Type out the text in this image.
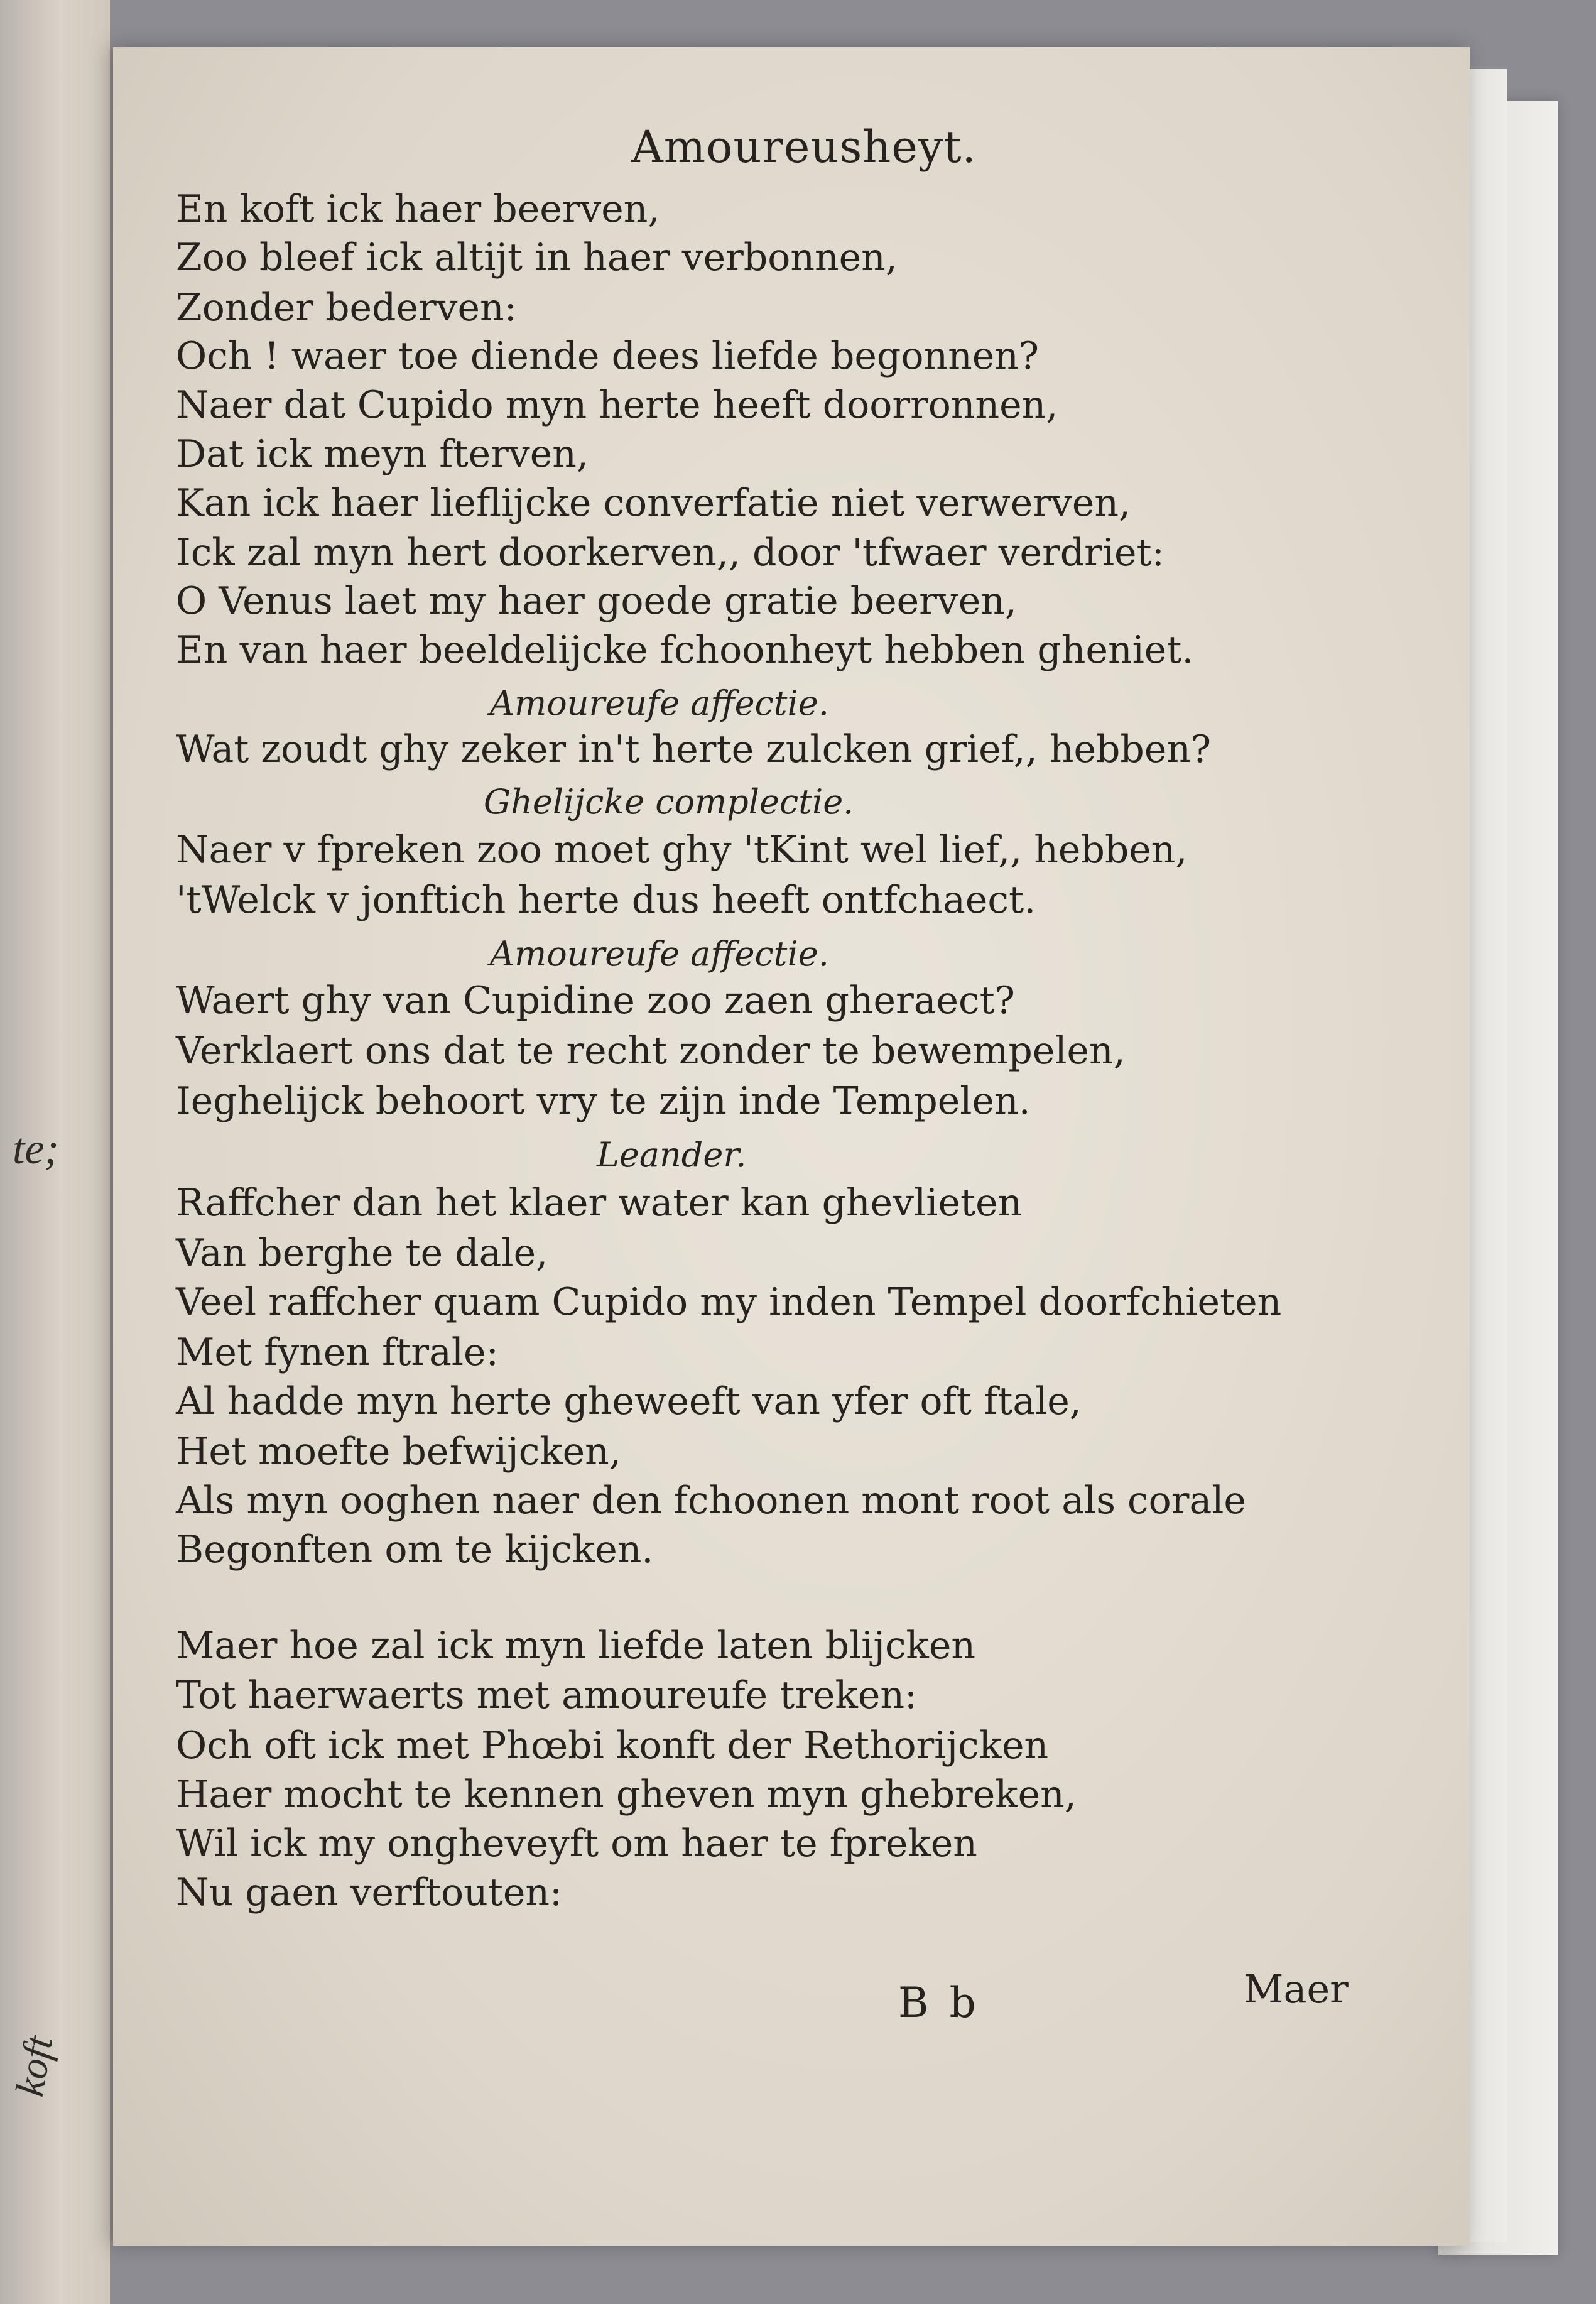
te;
koft
Amoureusheyt.
En koft ick haer beerven,
Zoo bleef ick altijt in haer verbonnen,
Zonder bederven:
Och ! waer toe diende dees liefde begonnen?
Naer dat Cupido myn herte heeft doorronnen,
Dat ick meyn fterven,
Kan ick haer lieflijcke converfatie niet verwerven,
Ick zal myn hert doorkerven,, door 'tfwaer verdriet:
O Venus laet my haer goede gratie beerven,
En van haer beeldelijcke fchoonheyt hebben gheniet.
Amoureufe affectie.
Wat zoudt ghy zeker in't herte zulcken grief,, hebben?
Ghelijcke complectie.
Naer v fpreken zoo moet ghy 'tKint wel lief,, hebben,
'tWelck v jonftich herte dus heeft ontfchaect.
Amoureufe affectie.
Waert ghy van Cupidine zoo zaen gheraect?
Verklaert ons dat te recht zonder te bewempelen,
Ieghelijck behoort vry te zijn inde Tempelen.
Leander.
Raffcher dan het klaer water kan ghevlieten
Van berghe te dale,
Veel raffcher quam Cupido my inden Tempel doorfchieten
Met fynen ftrale:
Al hadde myn herte gheweeft van yfer oft ftale,
Het moefte befwijcken,
Als myn ooghen naer den fchoonen mont root als corale
Begonften om te kijcken.
Maer hoe zal ick myn liefde laten blijcken
Tot haerwaerts met amoureufe treken:
Och oft ick met Phœbi konft der Rethorijcken
Haer mocht te kennen gheven myn ghebreken,
Wil ick my ongheveyft om haer te fpreken
Nu gaen verftouten:
B b	Maer
